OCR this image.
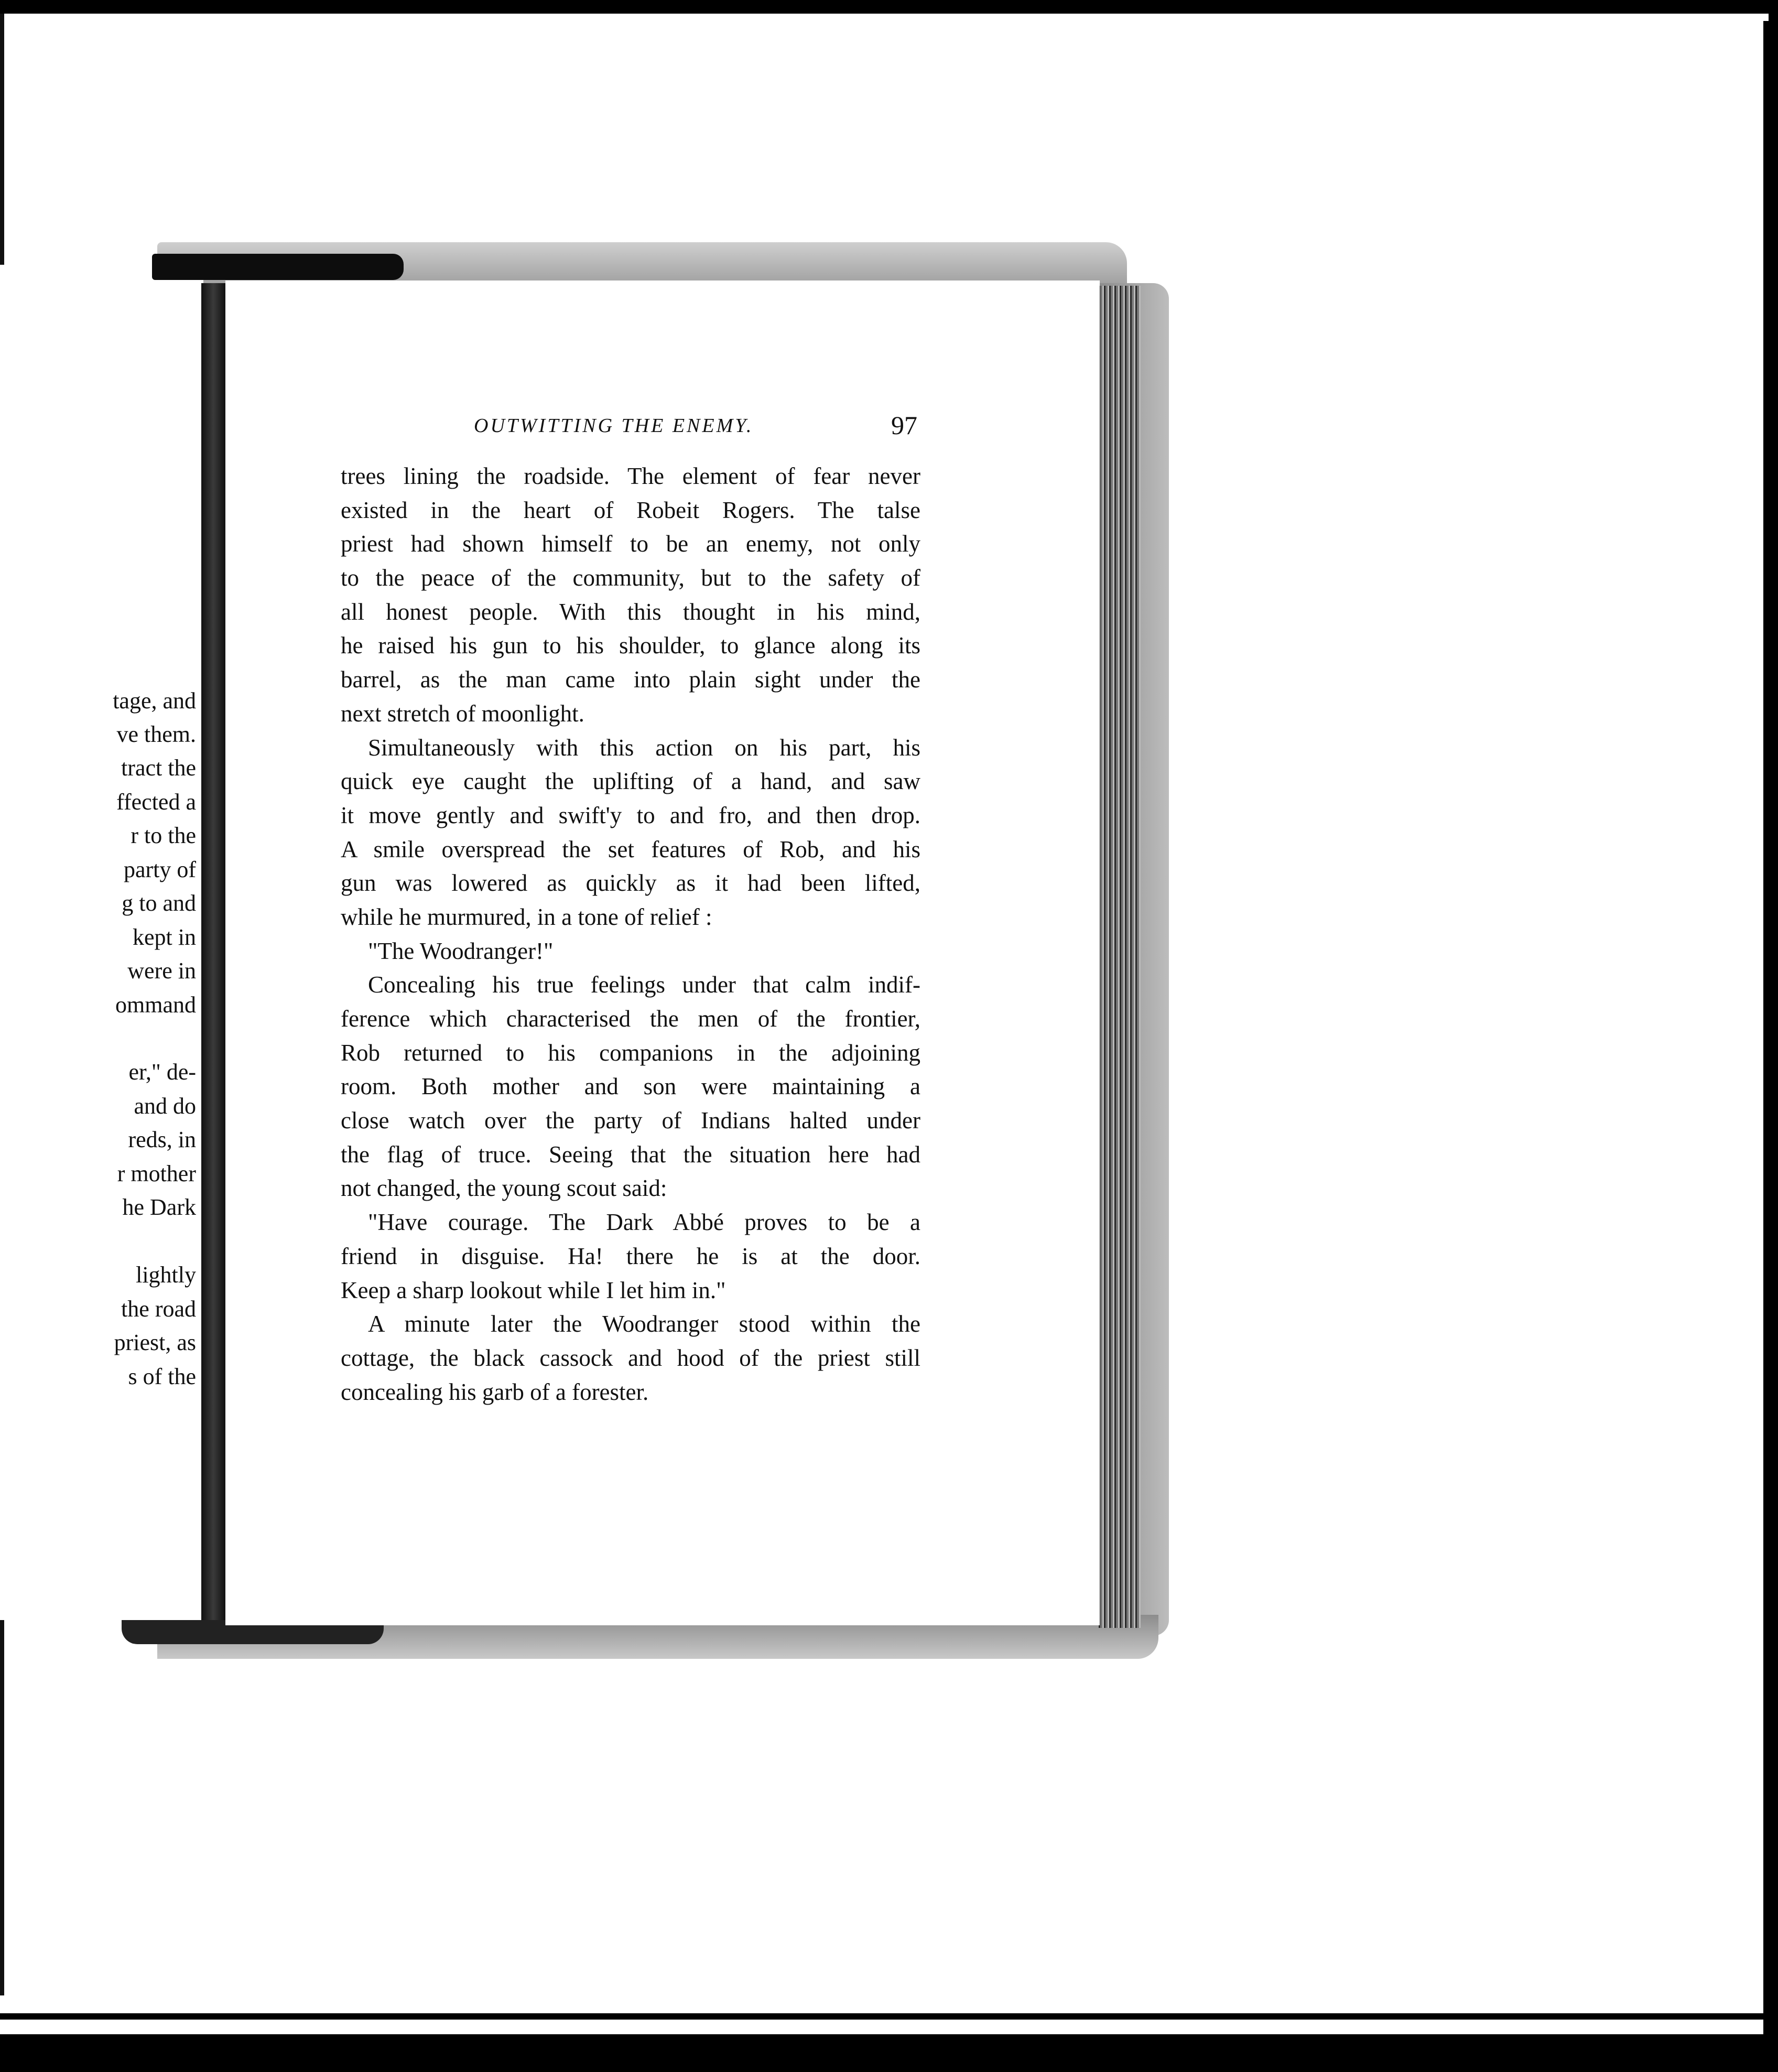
tage, and
ve them.
tract the
ffected a
r to the
party of
g to and
kept in
were in
ommand
er," de-
and do
reds, in
r mother
he Dark
lightly
the road
priest, as
s of the
OUTWITTING THE ENEMY.	97
trees lining the roadside. The element of fear never
existed in the heart of Robeit Rogers. The talse
priest had shown himself to be an enemy, not only
to the peace of the community, but to the safety of
all honest people. With this thought in his mind,
he raised his gun to his shoulder, to glance along its
barrel, as the man came into plain sight under the
next stretch of moonlight.
Simultaneously with this action on his part, his
quick eye caught the uplifting of a hand, and saw
it move gently and swift'y to and fro, and then drop.
A smile overspread the set features of Rob, and his
gun was lowered as quickly as it had been lifted,
while he murmured, in a tone of relief :
"The Woodranger!"
Concealing his true feelings under that calm indif-
ference which characterised the men of the frontier,
Rob returned to his companions in the adjoining
room. Both mother and son were maintaining a
close watch over the party of Indians halted under
the flag of truce. Seeing that the situation here had
not changed, the young scout said:
"Have courage. The Dark Abbé proves to be a
friend in disguise. Ha! there he is at the door.
Keep a sharp lookout while I let him in."
A minute later the Woodranger stood within the
cottage, the black cassock and hood of the priest still
concealing his garb of a forester.
